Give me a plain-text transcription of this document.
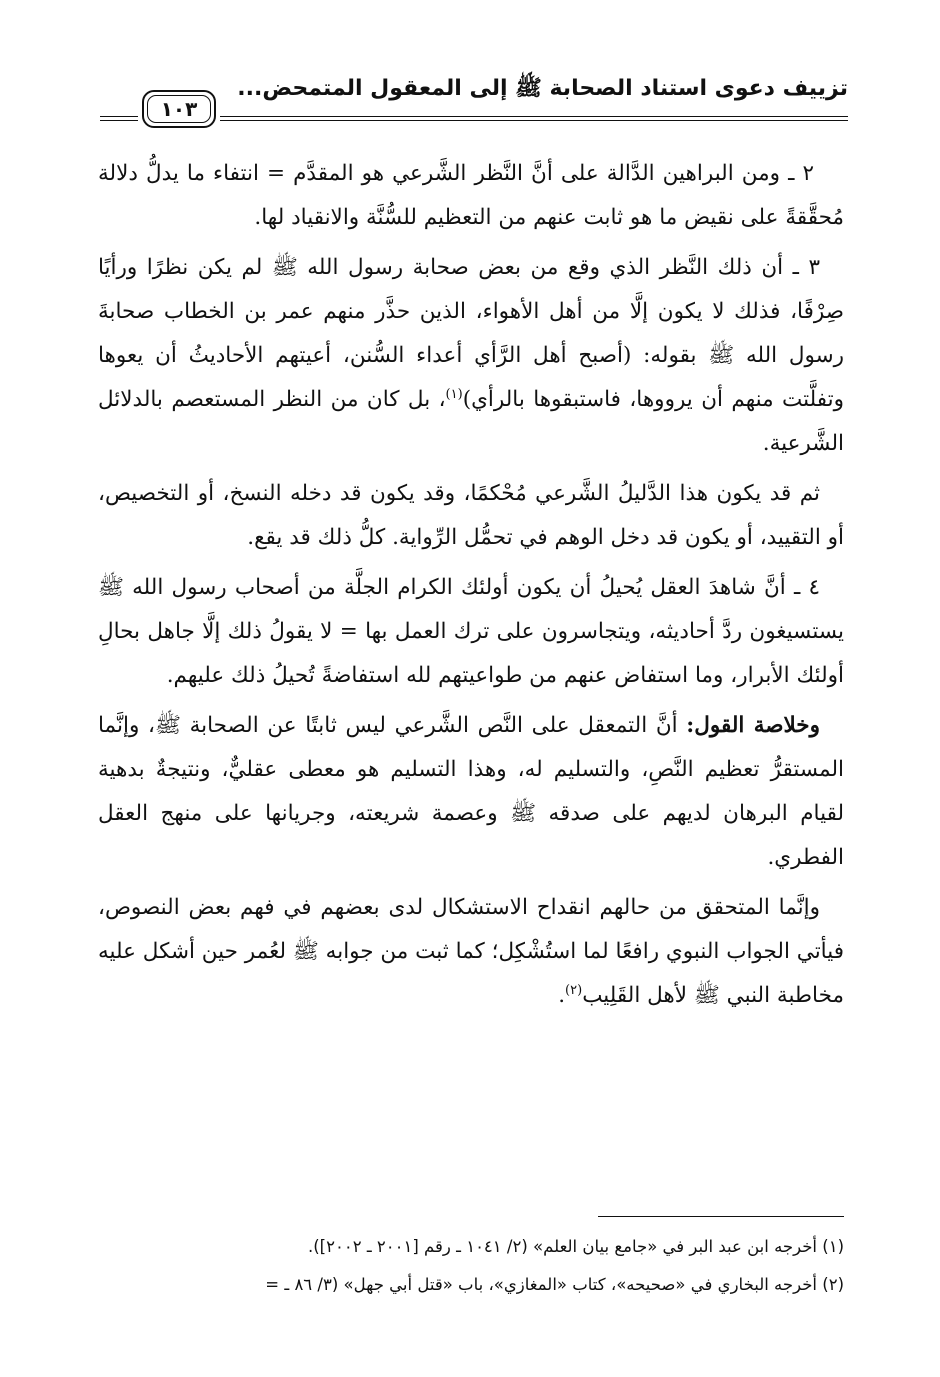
تزييف دعوى استناد الصحابة ﷺ إلى المعقول المتمحض...
١٠٣

٢ ـ ومن البراهين الدَّالة على أنَّ النَّظر الشَّرعي هو المقدَّم = انتفاء ما يدلُّ دلالة مُحقَّقةً على نقيض ما هو ثابت عنهم من التعظيم للسُّنَّة والانقياد لها.

٣ ـ أن ذلك النَّظر الذي وقع من بعض صحابة رسول الله ﷺ لم يكن نظرًا ورأيًا صِرْفًا، فذلك لا يكون إلَّا من أهل الأهواء، الذين حذَّر منهم عمر بن الخطاب صحابةَ رسول الله ﷺ بقوله: (أصبح أهل الرَّأي أعداء السُّنن، أعيتهم الأحاديثُ أن يعوها وتفلَّتت منهم أن يرووها، فاستبقوها بالرأي)$^{(١)}$، بل كان من النظر المستعصم بالدلائل الشَّرعية.

ثم قد يكون هذا الدَّليلُ الشَّرعي مُحْكمًا، وقد يكون قد دخله النسخ، أو التخصيص، أو التقييد، أو يكون قد دخل الوهم في تحمُّل الرِّواية. كلُّ ذلك قد يقع.

٤ ـ أنَّ شاهدَ العقل يُحيلُ أن يكون أولئك الكرام الجلَّة من أصحاب رسول الله ﷺ يستسيغون ردَّ أحاديثه، ويتجاسرون على ترك العمل بها = لا يقولُ ذلك إلَّا جاهل بحالِ أولئك الأبرار، وما استفاض عنهم من طواعيتهم لله استفاضةً تُحيلُ ذلك عليهم.

وخلاصة القول: أنَّ التمعقل على النَّص الشَّرعي ليس ثابتًا عن الصحابة ﷺ، وإنَّما المستقرُّ تعظيم النَّصِ، والتسليم له، وهذا التسليم هو معطى عقليٌّ، ونتيجةٌ بدهية لقيام البرهان لديهم على صدقه ﷺ وعصمة شريعته، وجريانها على منهج العقل الفطري.

وإنَّما المتحقق من حالهم انقداح الاستشكال لدى بعضهم في فهم بعض النصوص، فيأتي الجواب النبوي رافعًا لما استُشْكِل؛ كما ثبت من جوابه ﷺ لعُمر حين أشكل عليه مخاطبة النبي ﷺ لأهل القَلِيب$^{(٢)}$.

(١) أخرجه ابن عبد البر في «جامع بيان العلم» (٢/ ١٠٤١ ـ رقم [٢٠٠١ ـ ٢٠٠٢]).
(٢) أخرجه البخاري في «صحيحه»، كتاب «المغازي»، باب «قتل أبي جهل» (٣/ ٨٦ ـ =
